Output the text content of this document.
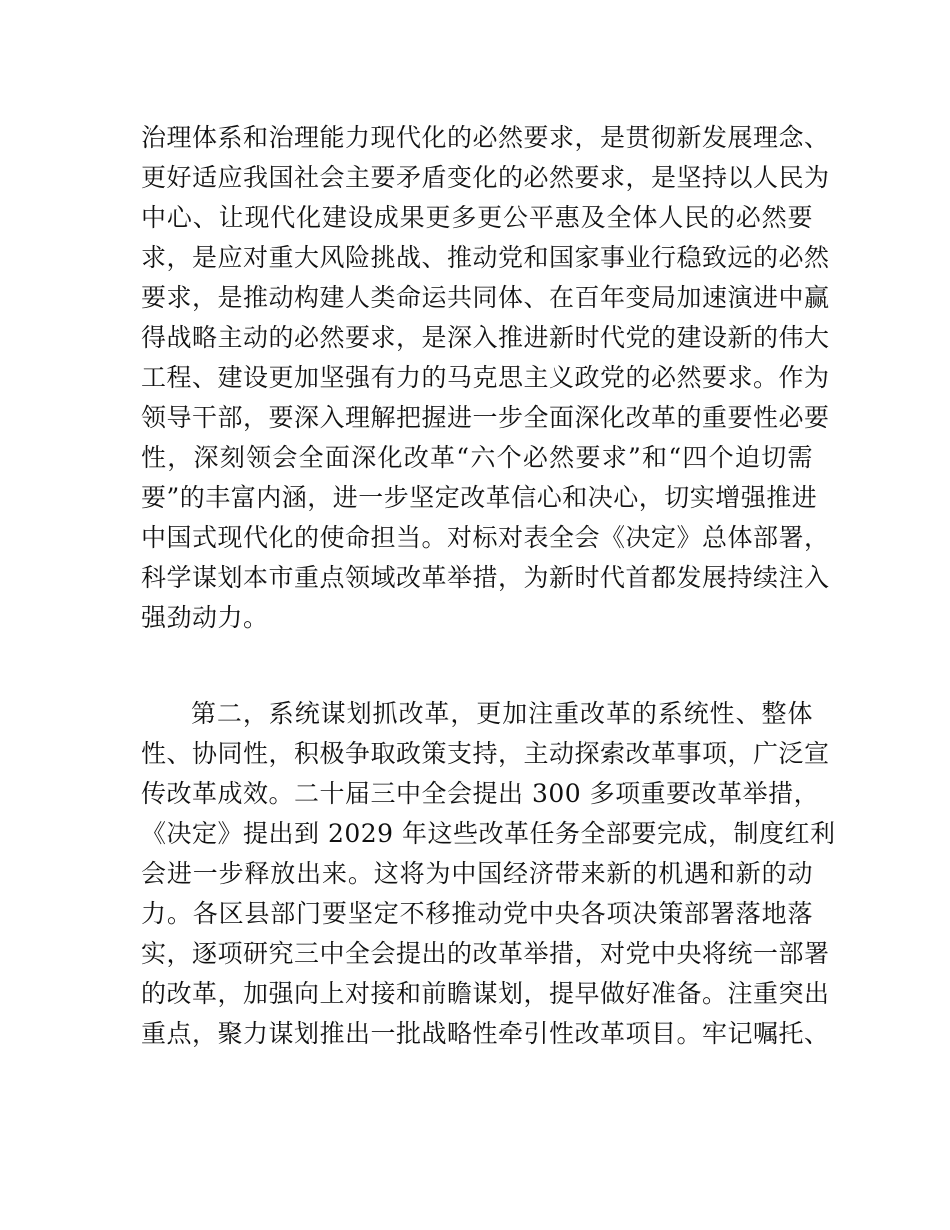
治理体系和治理能力现代化的必然要求，是贯彻新发展理念、
更好适应我国社会主要矛盾变化的必然要求，是坚持以人民为
中心、让现代化建设成果更多更公平惠及全体人民的必然要
求，是应对重大风险挑战、推动党和国家事业行稳致远的必然
要求，是推动构建人类命运共同体、在百年变局加速演进中赢
得战略主动的必然要求，是深入推进新时代党的建设新的伟大
工程、建设更加坚强有力的马克思主义政党的必然要求。作为
领导干部，要深入理解把握进一步全面深化改革的重要性必要
性，深刻领会全面深化改革“六个必然要求”和“四个迫切需
要”的丰富内涵，进一步坚定改革信心和决心，切实增强推进
中国式现代化的使命担当。对标对表全会《决定》总体部署，
科学谋划本市重点领域改革举措，为新时代首都发展持续注入
强劲动力。
第二，系统谋划抓改革，更加注重改革的系统性、整体
性、协同性，积极争取政策支持，主动探索改革事项，广泛宣
传改革成效。二十届三中全会提出 300 多项重要改革举措，
《决定》提出到 2029 年这些改革任务全部要完成，制度红利
会进一步释放出来。这将为中国经济带来新的机遇和新的动
力。各区县部门要坚定不移推动党中央各项决策部署落地落
实，逐项研究三中全会提出的改革举措，对党中央将统一部署
的改革，加强向上对接和前瞻谋划，提早做好准备。注重突出
重点，聚力谋划推出一批战略性牵引性改革项目。牢记嘱托、
